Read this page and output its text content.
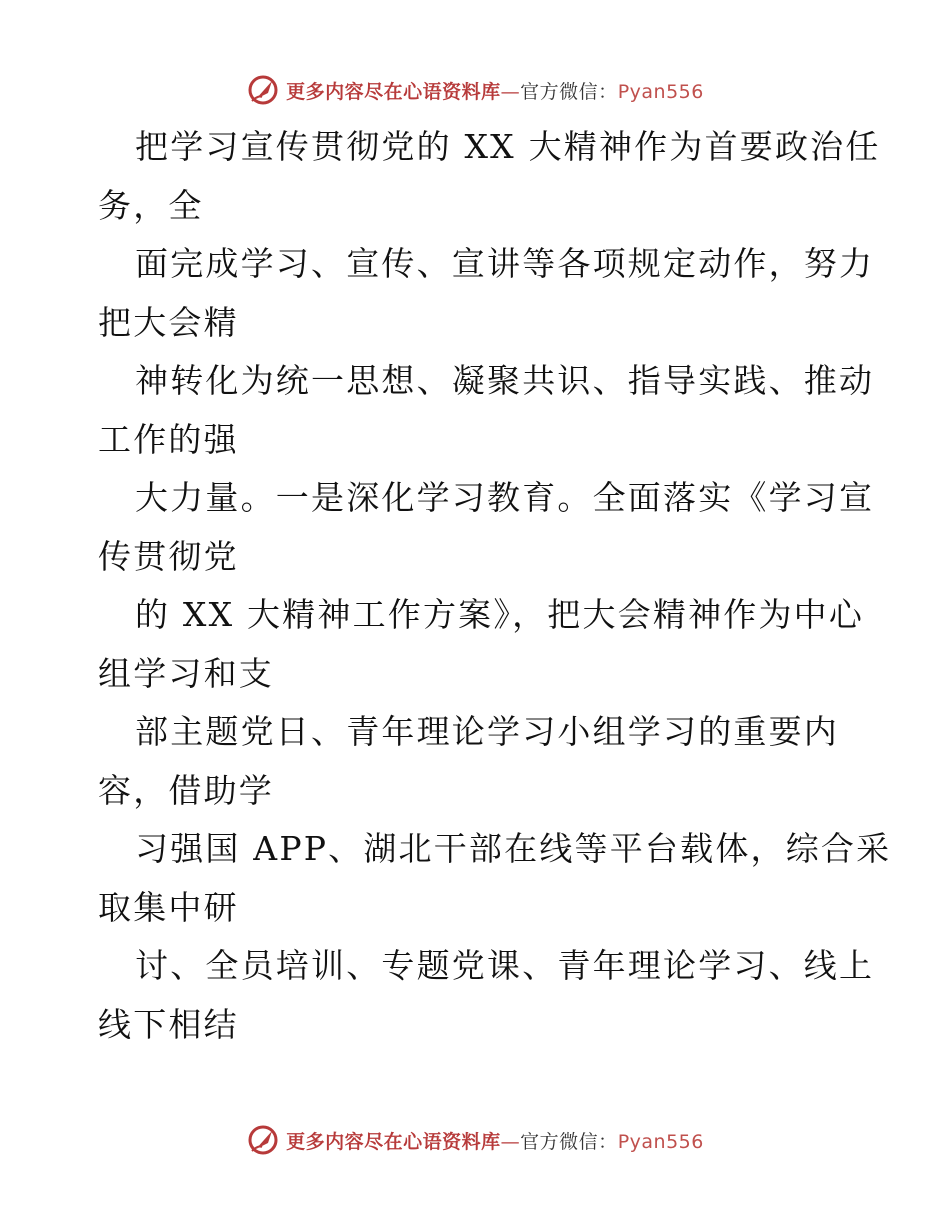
更多内容尽在心语资料库—官方微信：Pyan556
把学习宣传贯彻党的 XX 大精神作为首要政治任
务，全
面完成学习、宣传、宣讲等各项规定动作，努力
把大会精
神转化为统一思想、凝聚共识、指导实践、推动
工作的强
大力量。一是深化学习教育。全面落实《学习宣
传贯彻党
的 XX 大精神工作方案》，把大会精神作为中心
组学习和支
部主题党日、青年理论学习小组学习的重要内
容，借助学
习强国 APP、湖北干部在线等平台载体，综合采
取集中研
讨、全员培训、专题党课、青年理论学习、线上
线下相结
更多内容尽在心语资料库—官方微信：Pyan556
